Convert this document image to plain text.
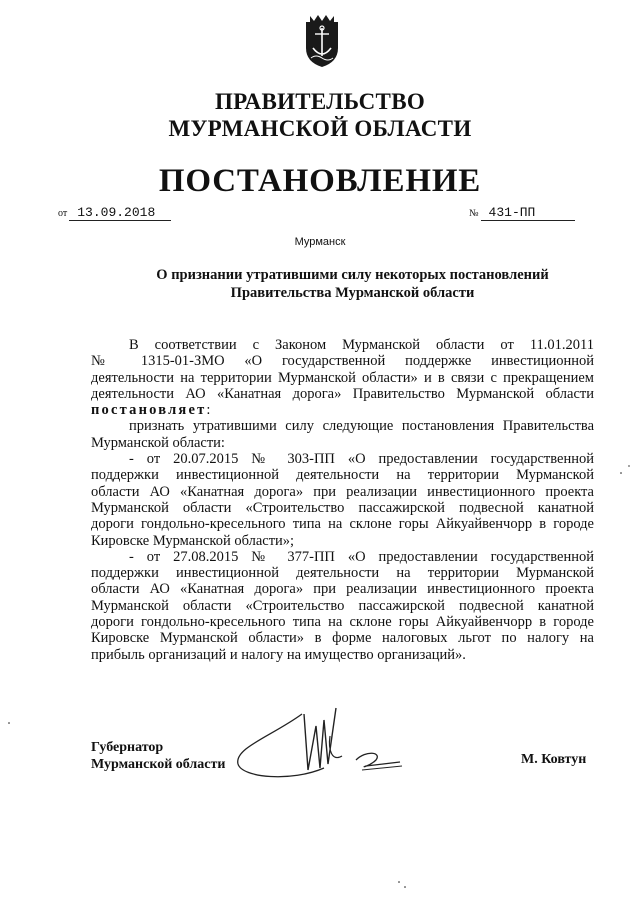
ПРАВИТЕЛЬСТВО
МУРМАНСКОЙ ОБЛАСТИ
ПОСТАНОВЛЕНИЕ
от 13.09.2018	№ 431-ПП
Мурманск
О признании утратившими силу некоторых постановлений
Правительства Мурманской области

В соответствии с Законом Мурманской области от 11.01.2011

№ 1315-01-ЗМО «О государственной поддержке инвестиционной

деятельности на территории Мурманской области» и в связи с прекращением

деятельности АО «Канатная дорога» Правительство Мурманской области

постановляет:

признать утратившими силу следующие постановления Правительства

Мурманской области:

- от 20.07.2015 № 303-ПП «О предоставлении государственной

поддержки инвестиционной деятельности на территории Мурманской

области АО «Канатная дорога» при реализации инвестиционного проекта

Мурманской области «Строительство пассажирской подвесной канатной

дороги гондольно-кресельного типа на склоне горы Айкуайвенчорр в городе

Кировске Мурманской области»;

- от 27.08.2015 № 377-ПП «О предоставлении государственной

поддержки инвестиционной деятельности на территории Мурманской

области АО «Канатная дорога» при реализации инвестиционного проекта

Мурманской области «Строительство пассажирской подвесной канатной

дороги гондольно-кресельного типа на склоне горы Айкуайвенчорр в городе

Кировске Мурманской области» в форме налоговых льгот по налогу на

прибыль организаций и налогу на имущество организаций».

Губернатор
Мурманской области	М. Ковтун
